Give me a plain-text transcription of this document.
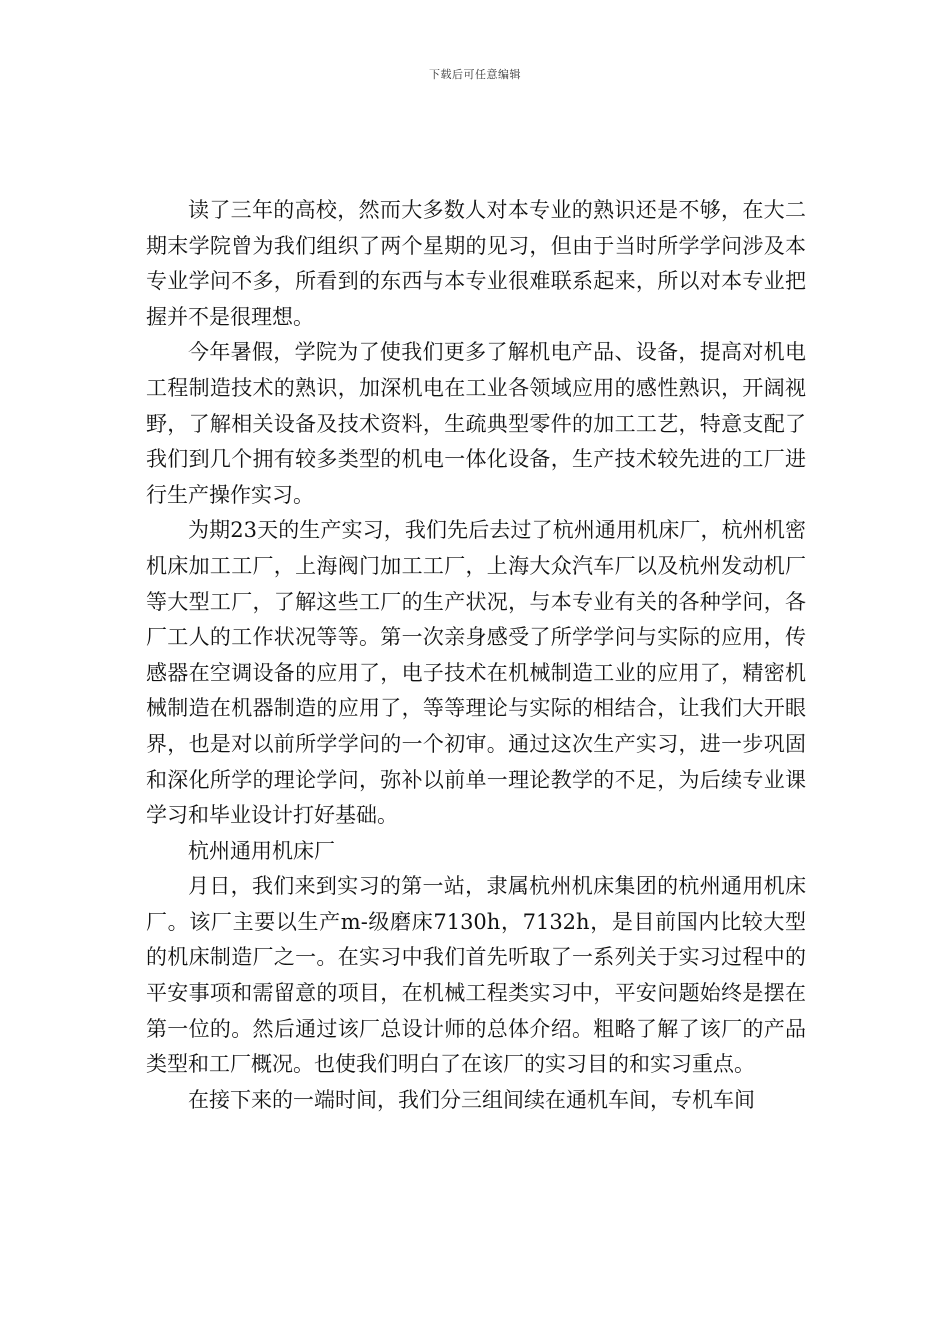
下载后可任意编辑

读了三年的高校，然而大多数人对本专业的熟识还是不够，在大二期末学院曾为我们组织了两个星期的见习，但由于当时所学学问涉及本专业学问不多，所看到的东西与本专业很难联系起来，所以对本专业把握并不是很理想。

今年暑假，学院为了使我们更多了解机电产品、设备，提高对机电工程制造技术的熟识，加深机电在工业各领域应用的感性熟识，开阔视野，了解相关设备及技术资料，生疏典型零件的加工工艺，特意支配了我们到几个拥有较多类型的机电一体化设备，生产技术较先进的工厂进行生产操作实习。

为期23天的生产实习，我们先后去过了杭州通用机床厂，杭州机密机床加工工厂，上海阀门加工工厂，上海大众汽车厂以及杭州发动机厂等大型工厂，了解这些工厂的生产状况，与本专业有关的各种学问，各厂工人的工作状况等等。第一次亲身感受了所学学问与实际的应用，传感器在空调设备的应用了，电子技术在机械制造工业的应用了，精密机械制造在机器制造的应用了，等等理论与实际的相结合，让我们大开眼界，也是对以前所学学问的一个初审。通过这次生产实习，进一步巩固和深化所学的理论学问，弥补以前单一理论教学的不足，为后续专业课学习和毕业设计打好基础。

杭州通用机床厂

月日，我们来到实习的第一站，隶属杭州机床集团的杭州通用机床厂。该厂主要以生产m-级磨床7130h，7132h，是目前国内比较大型的机床制造厂之一。在实习中我们首先听取了一系列关于实习过程中的平安事项和需留意的项目，在机械工程类实习中，平安问题始终是摆在第一位的。然后通过该厂总设计师的总体介绍。粗略了解了该厂的产品类型和工厂概况。也使我们明白了在该厂的实习目的和实习重点。

在接下来的一端时间，我们分三组间续在通机车间，专机车间
